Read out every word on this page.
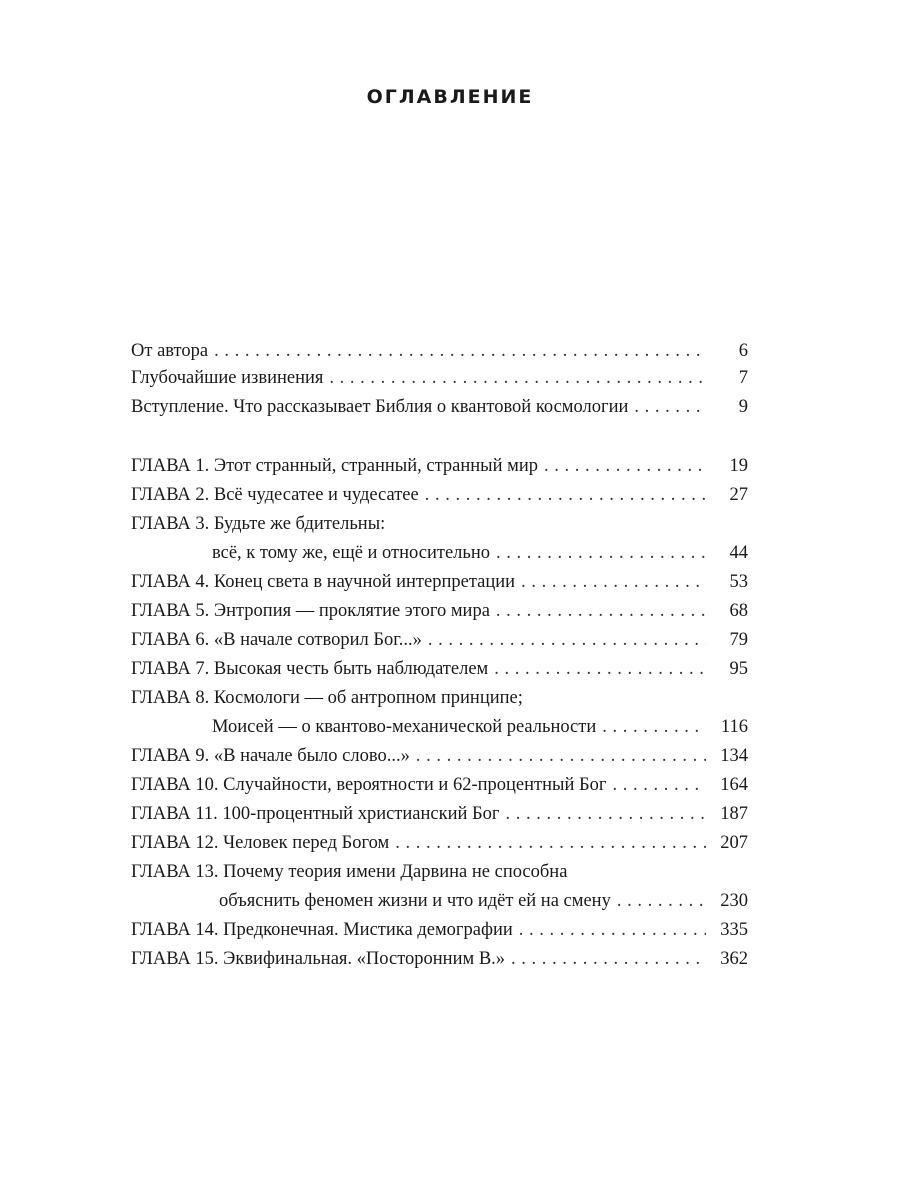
ОГЛАВЛЕНИЕ
От автора . . .	6
Глубочайшие извинения . . .	7
Вступление. Что рассказывает Библия о квантовой космологии . . .	9
ГЛАВА 1. Этот странный, странный, странный мир . . .	19
ГЛАВА 2. Всё чудесатее и чудесатее . . .	27
ГЛАВА 3. Будьте же бдительны:
всё, к тому же, ещё и относительно . . .	44
ГЛАВА 4. Конец света в научной интерпретации . . .	53
ГЛАВА 5. Энтропия — проклятие этого мира . . .	68
ГЛАВА 6. «В начале сотворил Бог...» . . .	79
ГЛАВА 7. Высокая честь быть наблюдателем . . .	95
ГЛАВА 8. Космологи — об антропном принципе;
Моисей — о квантово-механической реальности . . .	116
ГЛАВА 9. «В начале было слово...» . . .	134
ГЛАВА 10. Случайности, вероятности и 62-процентный Бог . . .	164
ГЛАВА 11. 100-процентный христианский Бог . . .	187
ГЛАВА 12. Человек перед Богом . . .	207
ГЛАВА 13. Почему теория имени Дарвина не способна
объяснить феномен жизни и что идёт ей на смену . . .	230
ГЛАВА 14. Предконечная. Мистика демографии . . .	335
ГЛАВА 15. Эквифинальная. «Посторонним В.» . . .	362
